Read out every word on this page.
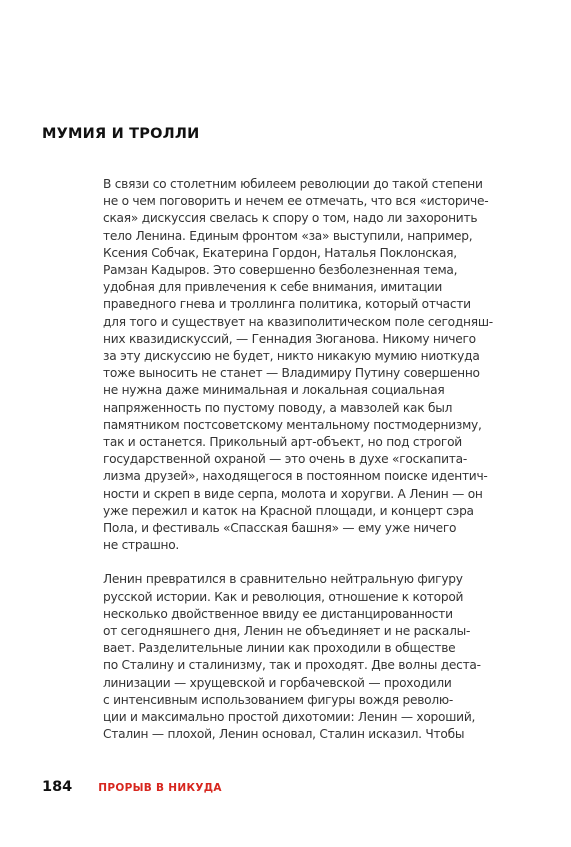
МУМИЯ И ТРОЛЛИ

В связи со столетним юбилеем революции до такой степени
не о чем поговорить и нечем ее отмечать, что вся «историче-
ская» дискуссия свелась к спору о том, надо ли захоронить
тело Ленина. Единым фронтом «за» выступили, например,
Ксения Собчак, Екатерина Гордон, Наталья Поклонская,
Рамзан Кадыров. Это совершенно безболезненная тема,
удобная для привлечения к себе внимания, имитации
праведного гнева и троллинга политика, который отчасти
для того и существует на квазиполитическом поле сегодняш-
них квазидискуссий, — Геннадия Зюганова. Никому ничего
за эту дискуссию не будет, никто никакую мумию ниоткуда
тоже выносить не станет — Владимиру Путину совершенно
не нужна даже минимальная и локальная социальная
напряженность по пустому поводу, а мавзолей как был
памятником постсоветскому ментальному постмодернизму,
так и останется. Прикольный арт-объект, но под строгой
государственной охраной — это очень в духе «госкапита-
лизма друзей», находящегося в постоянном поиске идентич-
ности и скреп в виде серпа, молота и хоругви. А Ленин — он
уже пережил и каток на Красной площади, и концерт сэра
Пола, и фестиваль «Спасская башня» — ему уже ничего
не страшно.

Ленин превратился в сравнительно нейтральную фигуру
русской истории. Как и революция, отношение к которой
несколько двойственное ввиду ее дистанцированности
от сегодняшнего дня, Ленин не объединяет и не раскалы-
вает. Разделительные линии как проходили в обществе
по Сталину и сталинизму, так и проходят. Две волны деста-
линизации — хрущевской и горбачевской — проходили
с интенсивным использованием фигуры вождя револю-
ции и максимально простой дихотомии: Ленин — хороший,
Сталин — плохой, Ленин основал, Сталин исказил. Чтобы

184 ПРОРЫВ В НИКУДА
